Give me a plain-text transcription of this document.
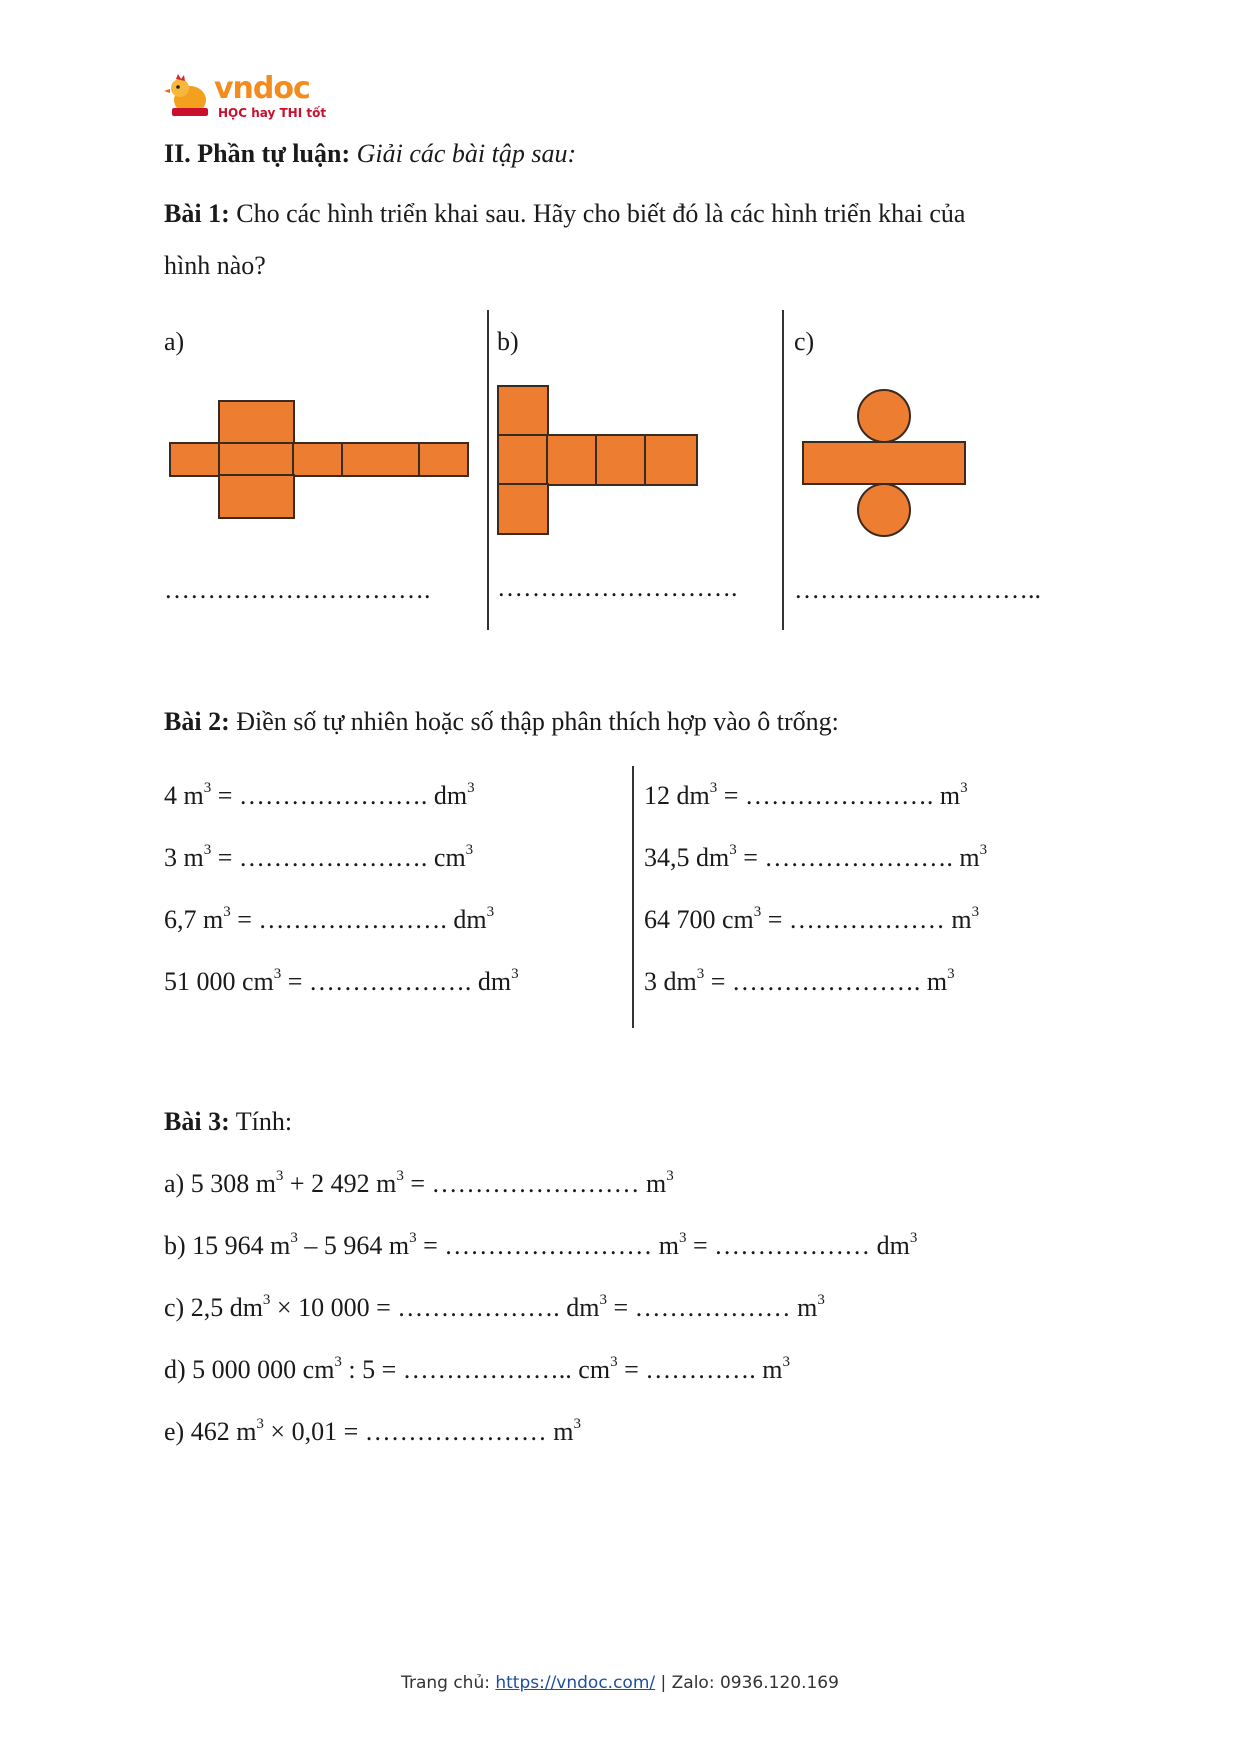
vndoc
HỌC hay THI tốt
II. Phần tự luận: Giải các bài tập sau:
Bài 1: Cho các hình triển khai sau. Hãy cho biết đó là các hình triển khai của
hình nào?
a)	b)	c)
………………………….	………………………. ………………………..
Bài 2: Điền số tự nhiên hoặc số thập phân thích hợp vào ô trống:
4 $m^3$ = …………………. $dm^3$
3 $m^3$ = …………………. $cm^3$
6,7 $m^3$ = …………………. $dm^3$
51 000 $cm^3$ = ………………. $dm^3$
12 $dm^3$ = …………………. $m^3$
34,5 $dm^3$ = …………………. $m^3$
64 700 $cm^3$ = ……………… $m^3$
3 $dm^3$ = …………………. $m^3$
Bài 3: Tính:
a) 5 308 $m^3 + 2$ 492 $m^3$ = …………………… $m^3$
b) 15 964 $m^3 - 5$ 964 $m^3$ = …………………… $m^3$ = ……………… $dm^3$
c) 2,5 $dm^3 \times 10$ 000 = ………………. $dm^3$ = ……………… $m^3$
d) 5 000 000 $cm^3$ : 5 = ……………….. $cm^3$ = …………. $m^3$
e) 462 $m^3 \times 0,01$ = ………………… $m^3$
Trang chủ: https://vndoc.com/ | Zalo: 0936.120.169
